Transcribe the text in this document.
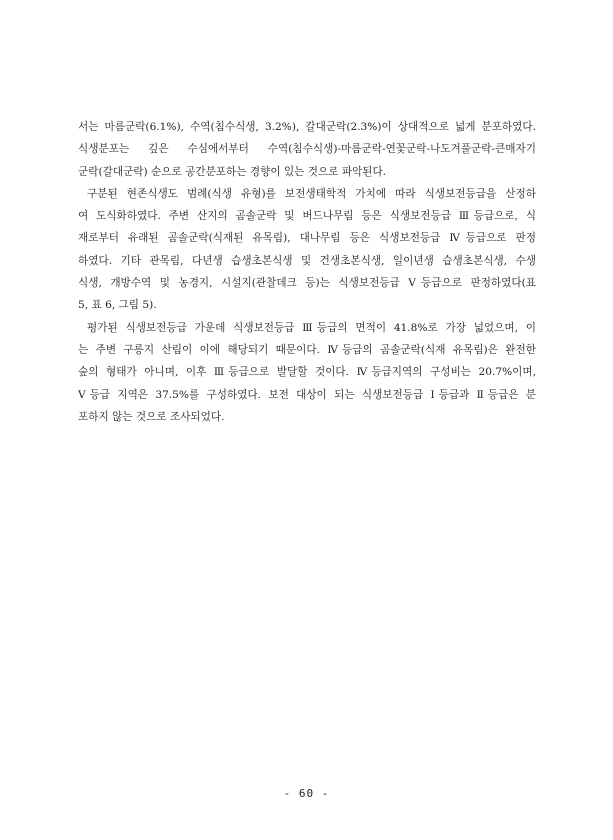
서는 마름군락(6.1%), 수역(침수식생, 3.2%), 갈대군락(2.3%)이 상대적으로 넓게 분포하였다.
식생분포는 깊은 수심에서부터 수역(침수식생)-마름군락-연꽃군락-나도겨풀군락-큰매자기
군락(갈대군락) 순으로 공간분포하는 경향이 있는 것으로 파악된다.
구분된 현존식생도 범례(식생 유형)를 보전생태학적 가치에 따라 식생보전등급을 산정하
여 도식화하였다. 주변 산지의 곰솔군락 및 버드나무림 등은 식생보전등급 Ⅲ등급으로, 식
재로부터 유래된 곰솔군락(식재된 유목림), 대나무림 등은 식생보전등급 Ⅳ등급으로 판정
하였다. 기타 관목림, 다년생 습생초본식생 및 건생초본식생, 일이년생 습생초본식생, 수생
식생, 개방수역 및 농경지, 시설지(관찰데크 등)는 식생보전등급 Ⅴ등급으로 판정하였다(표
5, 표 6, 그림 5).
평가된 식생보전등급 가운데 식생보전등급 Ⅲ등급의 면적이 41.8%로 가장 넓었으며, 이
는 주변 구릉지 산림이 이에 해당되기 때문이다. Ⅳ등급의 곰솔군락(식재 유목림)은 완전한
숲의 형태가 아니며, 이후 Ⅲ등급으로 발달할 것이다. Ⅳ등급지역의 구성비는 20.7%이며,
Ⅴ등급 지역은 37.5%를 구성하였다. 보전 대상이 되는 식생보전등급 Ⅰ등급과 Ⅱ등급은 분
포하지 않는 것으로 조사되었다.
- 60 -
